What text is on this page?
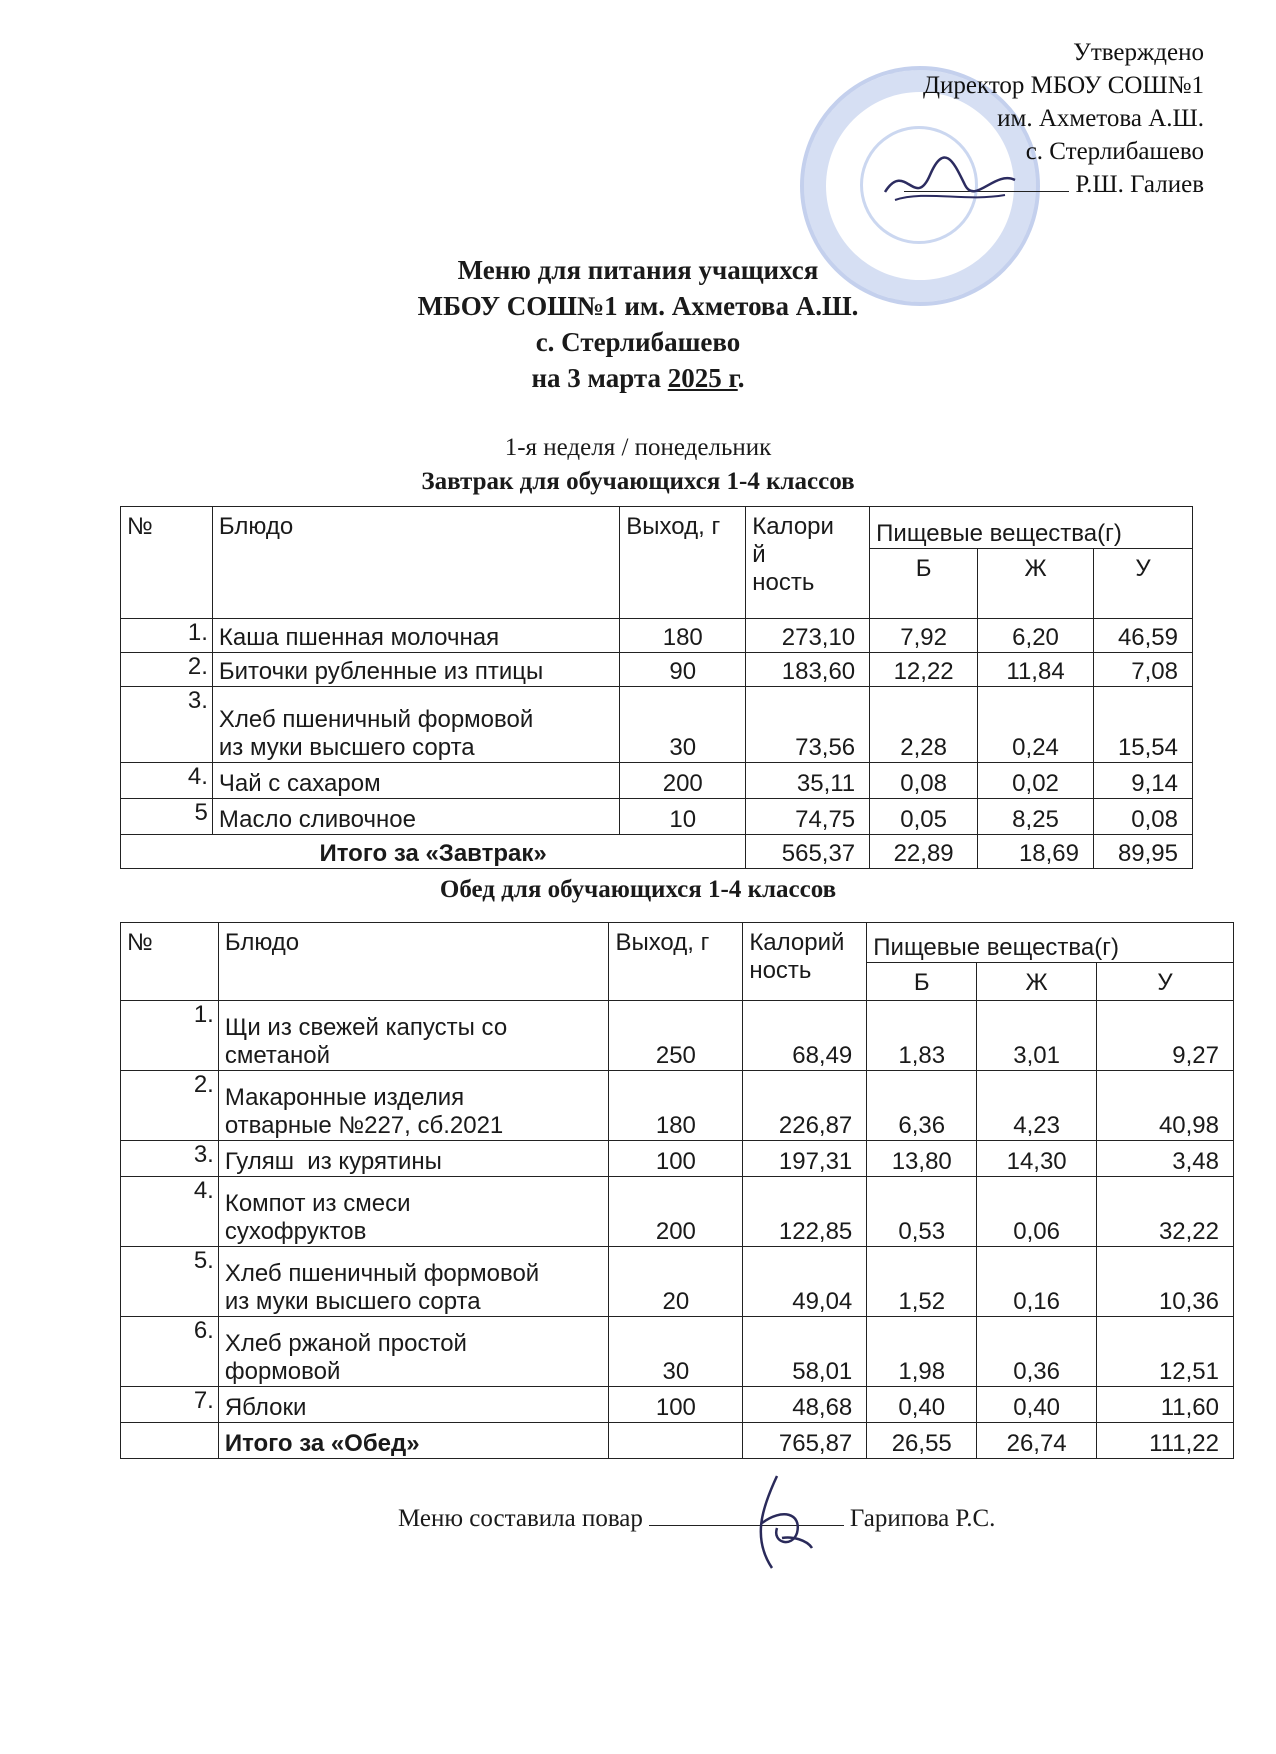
Утверждено
Директор МБОУ СОШ№1
им. Ахметова А.Ш.
с. Стерлибашево
Р.Ш. Галиев
Меню для питания учащихся
МБОУ СОШ№1 им. Ахметова А.Ш.
с. Стерлибашево
на 3 марта 2025 г.
1-я неделя / понедельник
Завтрак для обучающихся 1-4 классов
№	Блюдо	Выход, г	Калори
й
ность	Пищевые вещества(г)		
				Б	Ж	У
1.	Каша пшенная молочная	180	273,10	7,92	6,20	46,59
2.	Биточки рубленные из птицы	90	183,60	12,22	11,84	7,08
3.	Хлеб пшеничный формовой
из муки высшего сорта	30	73,56	2,28	0,24	15,54
4.	Чай с сахаром	200	35,11	0,08	0,02	9,14
5	Масло сливочное	10	74,75	0,05	8,25	0,08
Итого за «Завтрак»			565,37	22,89	18,69	89,95
Обед для обучающихся 1-4 классов
№	Блюдо	Выход, г	Калорий
ность	Пищевые вещества(г)		
				Б	Ж	У
1.	Щи из свежей капусты со
сметаной	250	68,49	1,83	3,01	9,27
2.	Макаронные изделия
отварные №227, сб.2021	180	226,87	6,36	4,23	40,98
3.	Гуляш  из курятины	100	197,31	13,80	14,30	3,48
4.	Компот из смеси
сухофруктов	200	122,85	0,53	0,06	32,22
5.	Хлеб пшеничный формовой
из муки высшего сорта	20	49,04	1,52	0,16	10,36
6.	Хлеб ржаной простой
формовой	30	58,01	1,98	0,36	12,51
7.	Яблоки	100	48,68	0,40	0,40	11,60
	Итого за «Обед»		765,87	26,55	26,74	111,22
Меню составила повар	Гарипова Р.С.
